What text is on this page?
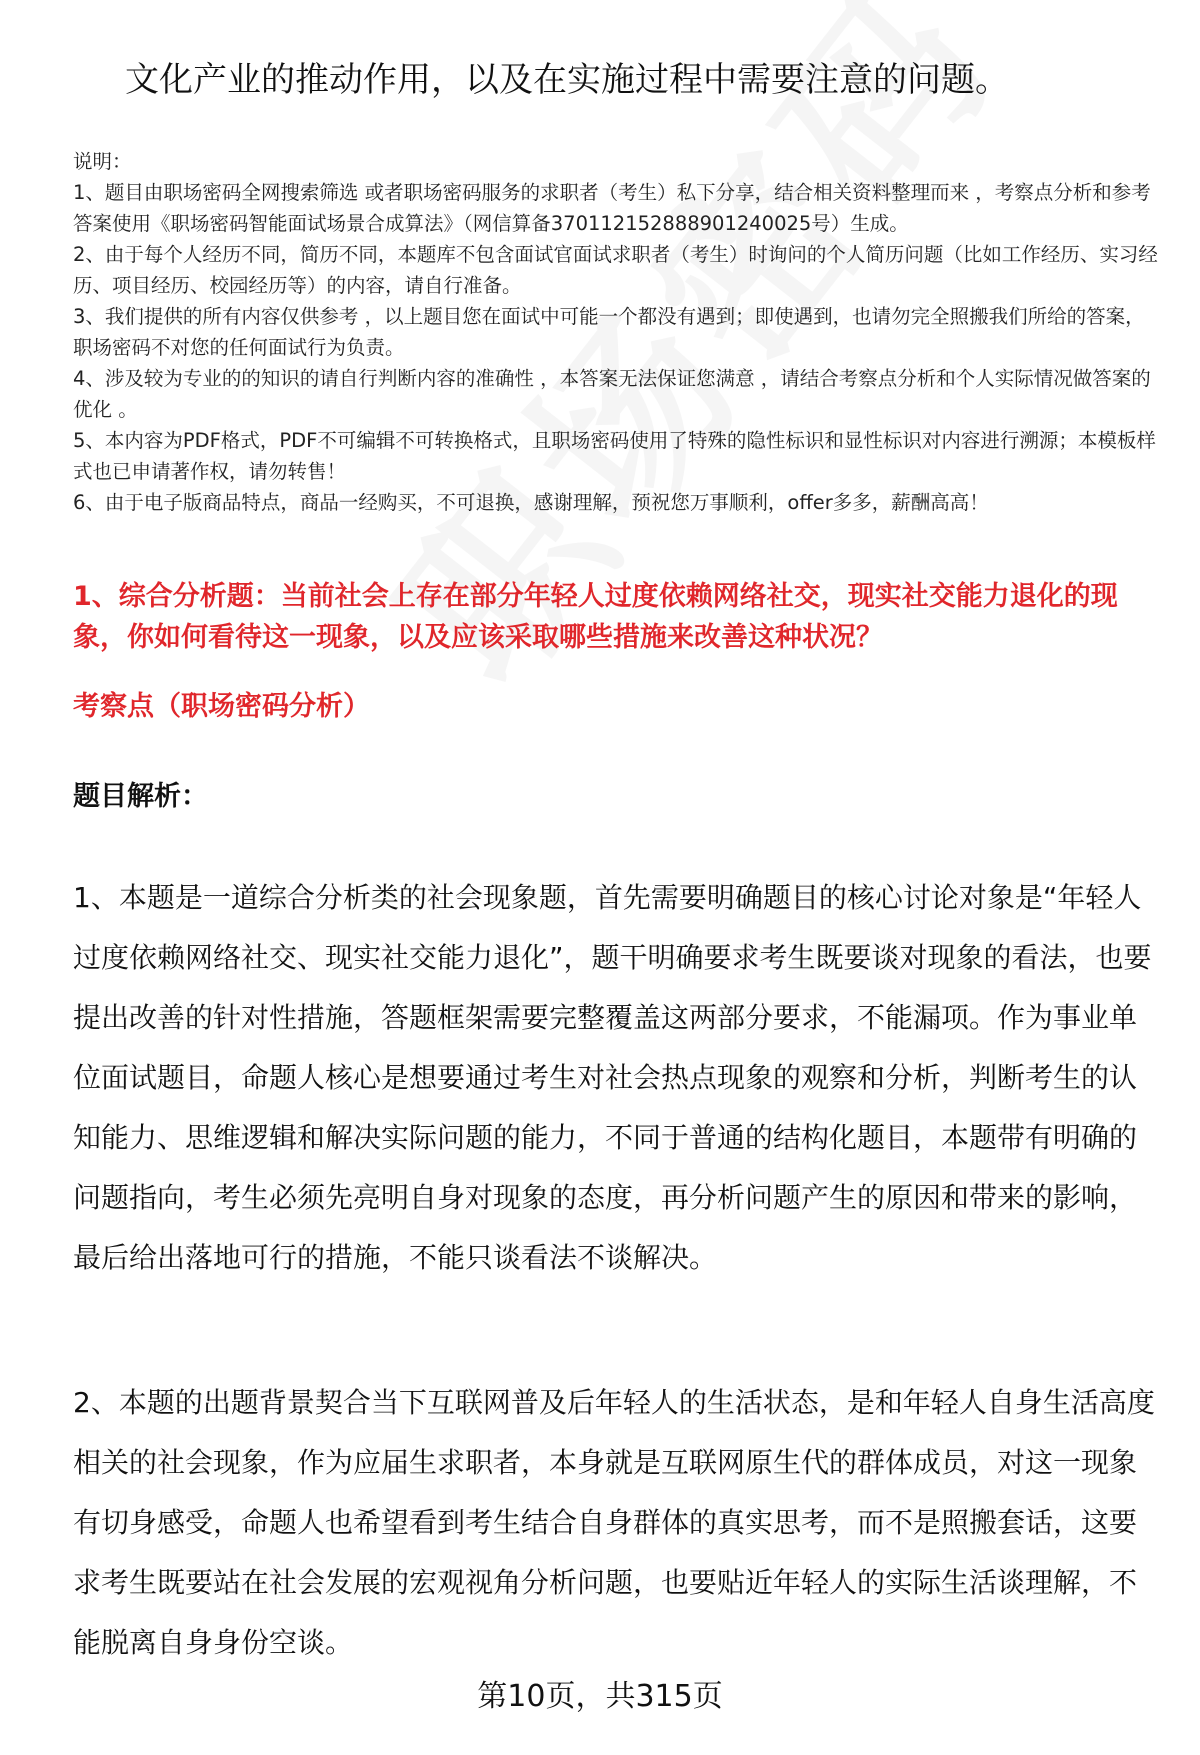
文化产业的推动作用，以及在实施过程中需要注意的问题。

说明：

1、题目由职场密码全网搜索筛选 或者职场密码服务的求职者（考生）私下分享，结合相关资料整理而来 ，考察点分析和参考答案使用《职场密码智能面试场景合成算法》（网信算备370112152888901240025号）生成。

2、由于每个人经历不同，简历不同，本题库不包含面试官面试求职者（考生）时询问的个人简历问题（比如工作经历、实习经历、项目经历、校园经历等）的内容，请自行准备。

3、我们提供的所有内容仅供参考 ，以上题目您在面试中可能一个都没有遇到；即使遇到，也请勿完全照搬我们所给的答案，职场密码不对您的任何面试行为负责。

4、涉及较为专业的的知识的请自行判断内容的准确性 ，本答案无法保证您满意 ，请结合考察点分析和个人实际情况做答案的优化 。

5、本内容为PDF格式，PDF不可编辑不可转换格式，且职场密码使用了特殊的隐性标识和显性标识对内容进行溯源；本模板样式也已申请著作权，请勿转售！

6、由于电子版商品特点，商品一经购买，不可退换，感谢理解，预祝您万事顺利，offer多多，薪酬高高！

1、综合分析题：当前社会上存在部分年轻人过度依赖网络社交，现实社交能力退化的现象，你如何看待这一现象，以及应该采取哪些措施来改善这种状况？
考察点（职场密码分析）
题目解析：

1、本题是一道综合分析类的社会现象题，首先需要明确题目的核心讨论对象是“年轻人过度依赖网络社交、现实社交能力退化”，题干明确要求考生既要谈对现象的看法，也要提出改善的针对性措施，答题框架需要完整覆盖这两部分要求，不能漏项。作为事业单位面试题目，命题人核心是想要通过考生对社会热点现象的观察和分析，判断考生的认知能力、思维逻辑和解决实际问题的能力，不同于普通的结构化题目，本题带有明确的问题指向，考生必须先亮明自身对现象的态度，再分析问题产生的原因和带来的影响，最后给出落地可行的措施，不能只谈看法不谈解决。

2、本题的出题背景契合当下互联网普及后年轻人的生活状态，是和年轻人自身生活高度相关的社会现象，作为应届生求职者，本身就是互联网原生代的群体成员，对这一现象有切身感受，命题人也希望看到考生结合自身群体的真实思考，而不是照搬套话，这要求考生既要站在社会发展的宏观视角分析问题，也要贴近年轻人的实际生活谈理解，不能脱离自身身份空谈。

第10页，共315页
